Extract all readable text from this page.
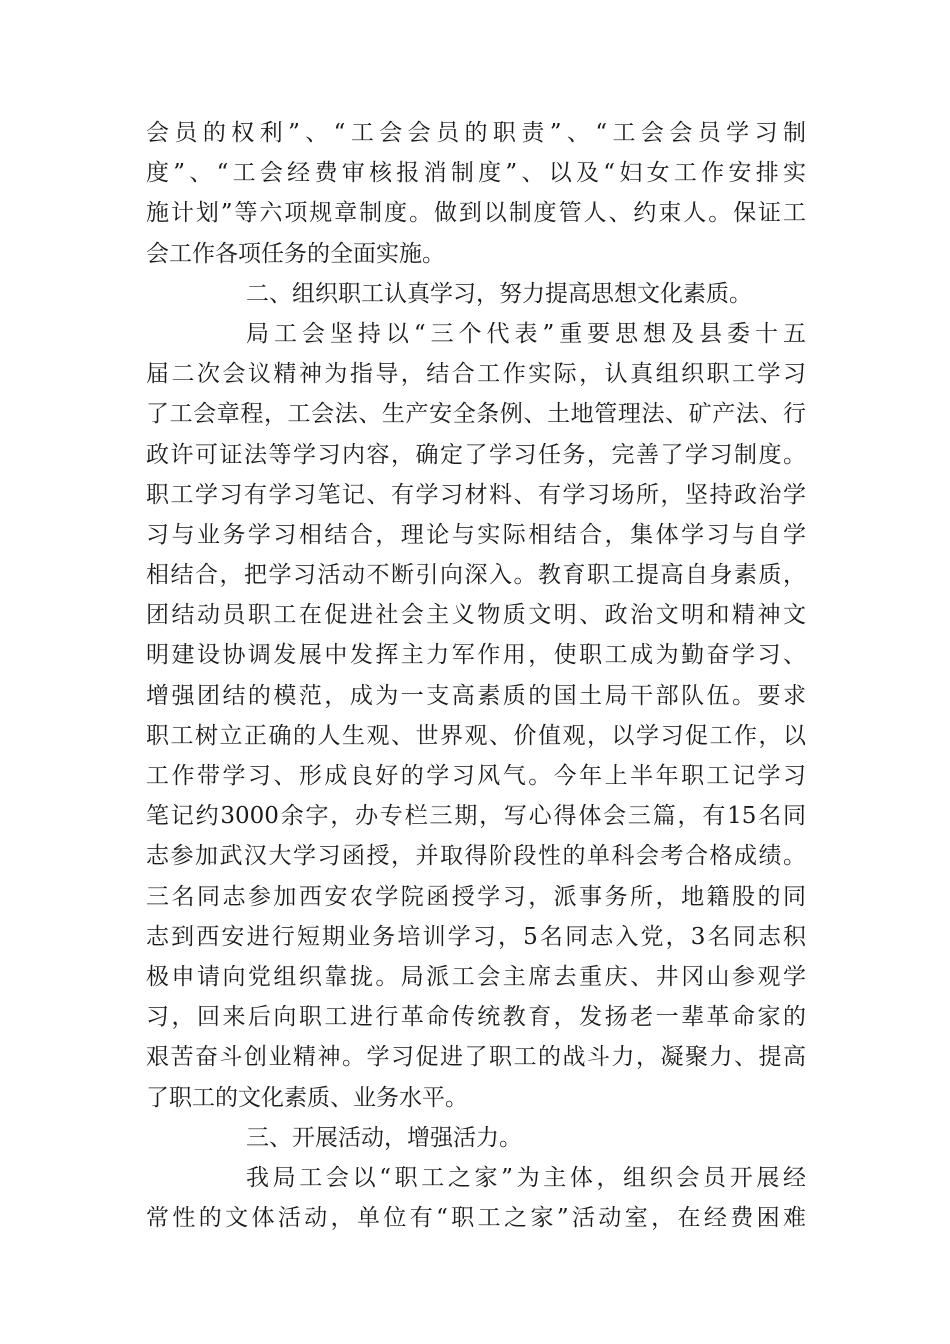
会员的权利”、“工会会员的职责”、“工会会员学习制
度”、“工会经费审核报消制度”、以及“妇女工作安排实
施计划”等六项规章制度。做到以制度管人、约束人。保证工
会工作各项任务的全面实施。
二、组织职工认真学习，努力提高思想文化素质。
局工会坚持以“三个代表”重要思想及县委十五
届二次会议精神为指导，结合工作实际，认真组织职工学习
了工会章程，工会法、生产安全条例、土地管理法、矿产法、行
政许可证法等学习内容，确定了学习任务，完善了学习制度。
职工学习有学习笔记、有学习材料、有学习场所，坚持政治学
习与业务学习相结合，理论与实际相结合，集体学习与自学
相结合，把学习活动不断引向深入。教育职工提高自身素质，
团结动员职工在促进社会主义物质文明、政治文明和精神文
明建设协调发展中发挥主力军作用，使职工成为勤奋学习、
增强团结的模范，成为一支高素质的国土局干部队伍。要求
职工树立正确的人生观、世界观、价值观，以学习促工作，以
工作带学习、形成良好的学习风气。今年上半年职工记学习
笔记约3000余字，办专栏三期，写心得体会三篇，有15名同
志参加武汉大学习函授，并取得阶段性的单科会考合格成绩。
三名同志参加西安农学院函授学习，派事务所，地籍股的同
志到西安进行短期业务培训学习，5名同志入党，3名同志积
极申请向党组织靠拢。局派工会主席去重庆、井冈山参观学
习，回来后向职工进行革命传统教育，发扬老一辈革命家的
艰苦奋斗创业精神。学习促进了职工的战斗力，凝聚力、提高
了职工的文化素质、业务水平。
三、开展活动，增强活力。
我局工会以“职工之家”为主体，组织会员开展经
常性的文体活动，单位有“职工之家”活动室，在经费困难
